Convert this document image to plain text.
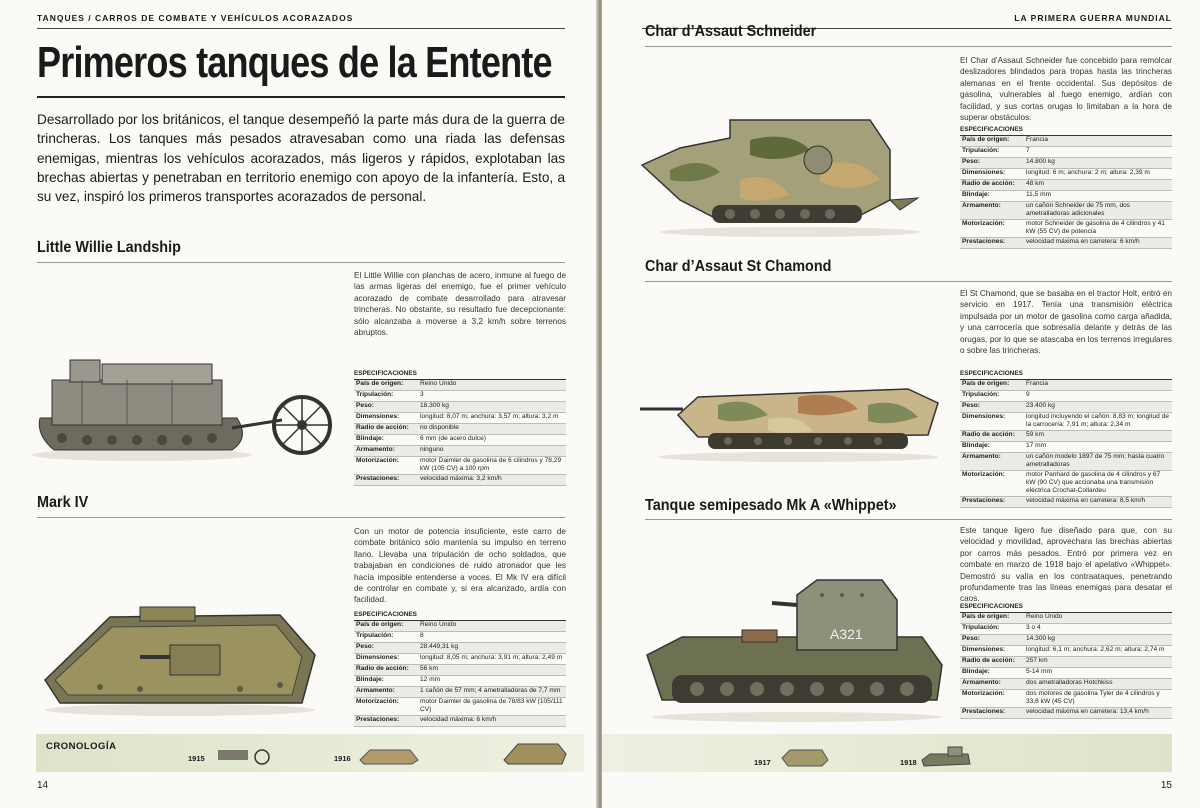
TANQUES / CARROS DE COMBATE Y VEHÍCULOS ACORAZADOS
Primeros tanques de la Entente
Desarrollado por los británicos, el tanque desempeñó la parte más dura de la guerra de trincheras. Los tanques más pesados atravesaban como una riada las defensas enemigas, mientras los vehículos acorazados, más ligeros y rápidos, explotaban las brechas abiertas y penetraban en territorio enemigo con apoyo de la infantería. Esto, a su vez, inspiró los primeros transportes acorazados de personal.
Little Willie Landship
El Little Willie con planchas de acero, inmune al fuego de las armas ligeras del enemigo, fue el primer vehículo acorazado de combate desarrollado para atravesar trincheras. No obstante, su resultado fue decepcionante: sólo alcanzaba a moverse a 3,2 km/h sobre terrenos abruptos.
ESPECIFICACIONES
País de origen:	Reino Unido
Tripulación:	3
Peso:	18.300 kg
Dimensiones:	longitud: 8,07 m; anchura: 3,57 m; altura: 3,2 m
Radio de acción:	no disponible
Blindaje:	6 mm (de acero dulce)
Armamento:	ninguno
Motorización:	motor Daimler de gasolina de 6 cilindros y 78,29 kW (105 CV) a 100 rpm
Prestaciones:	velocidad máxima: 3,2 km/h
Mark IV
Con un motor de potencia insuficiente, este carro de combate británico sólo mantenía su impulso en terreno llano. Llevaba una tripulación de ocho soldados, que trabajaban en condiciones de ruido atronador que les hacía imposible entenderse a voces. El Mk IV era difícil de controlar en combate y, si era alcanzado, ardía con facilidad.
ESPECIFICACIONES
País de origen:	Reino Unido
Tripulación:	8
Peso:	28.449,31 kg
Dimensiones:	longitud: 8,05 m; anchura: 3,91 m; altura: 2,49 m
Radio de acción:	56 km
Blindaje:	12 mm
Armamento:	1 cañón de 57 mm; 4 ametralladoras de 7,7 mm
Motorización:	motor Daimler de gasolina de 78/83 kW (105/111 CV)
Prestaciones:	velocidad máxima: 6 km/h
CRONOLOGÍA
1915	1916
14
LA PRIMERA GUERRA MUNDIAL
Char d’Assaut Schneider
El Char d’Assaut Schneider fue concebido para remolcar deslizadores blindados para tropas hasta las trincheras alemanas en el frente occidental. Sus depósitos de gasolina, vulnerables al fuego enemigo, ardían con facilidad, y sus cortas orugas lo limitaban a la hora de superar obstáculos.
ESPECIFICACIONES
País de origen:	Francia
Tripulación:	7
Peso:	14.800 kg
Dimensiones:	longitud: 6 m; anchura: 2 m; altura: 2,39 m
Radio de acción:	48 km
Blindaje:	11,5 mm
Armamento:	un cañón Schneider de 75 mm, dos ametralladoras adicionales
Motorización:	motor Schneider de gasolina de 4 cilindros y 41 kW (55 CV) de potencia
Prestaciones:	velocidad máxima en carretera: 6 km/h
Char d’Assaut St Chamond
El St Chamond, que se basaba en el tractor Holt, entró en servicio en 1917. Tenía una transmisión eléctrica impulsada por un motor de gasolina como carga añadida, y una carrocería que sobresalía delante y detrás de las orugas, por lo que se atascaba en los terrenos irregulares o sobre las trincheras.
ESPECIFICACIONES
País de origen:	Francia
Tripulación:	9
Peso:	23.400 kg
Dimensiones:	longitud incluyendo el cañón: 8,83 m; longitud de la carrocería: 7,91 m; altura: 2,34 m
Radio de acción:	59 km
Blindaje:	17 mm
Armamento:	un cañón modelo 1897 de 75 mm; hasta cuatro ametralladoras
Motorización:	motor Panhard de gasolina de 4 cilindros y 67 kW (90 CV) que accionaba una transmisión eléctrica Crochat-Collardeu
Prestaciones:	velocidad máxima en carretera: 8,5 km/h
Tanque semipesado Mk A «Whippet»
Este tanque ligero fue diseñado para que, con su velocidad y movilidad, aprovechara las brechas abiertas por carros más pesados. Entró por primera vez en combate en marzo de 1918 bajo el apelativo «Whippet». Demostró su valía en los contraataques, penetrando profundamente tras las líneas enemigas para desatar el caos.
A321
ESPECIFICACIONES
País de origen:	Reino Unido
Tripulación:	3 o 4
Peso:	14.300 kg
Dimensiones:	longitud: 6,1 m; anchura: 2,62 m; altura: 2,74 m
Radio de acción:	257 km
Blindaje:	5-14 mm
Armamento:	dos ametralladoras Hotchkiss
Motorización:	dos motores de gasolina Tyler de 4 cilindros y 33,6 kW (45 CV)
Prestaciones:	velocidad máxima en carretera: 13,4 km/h
1917	1918
15
